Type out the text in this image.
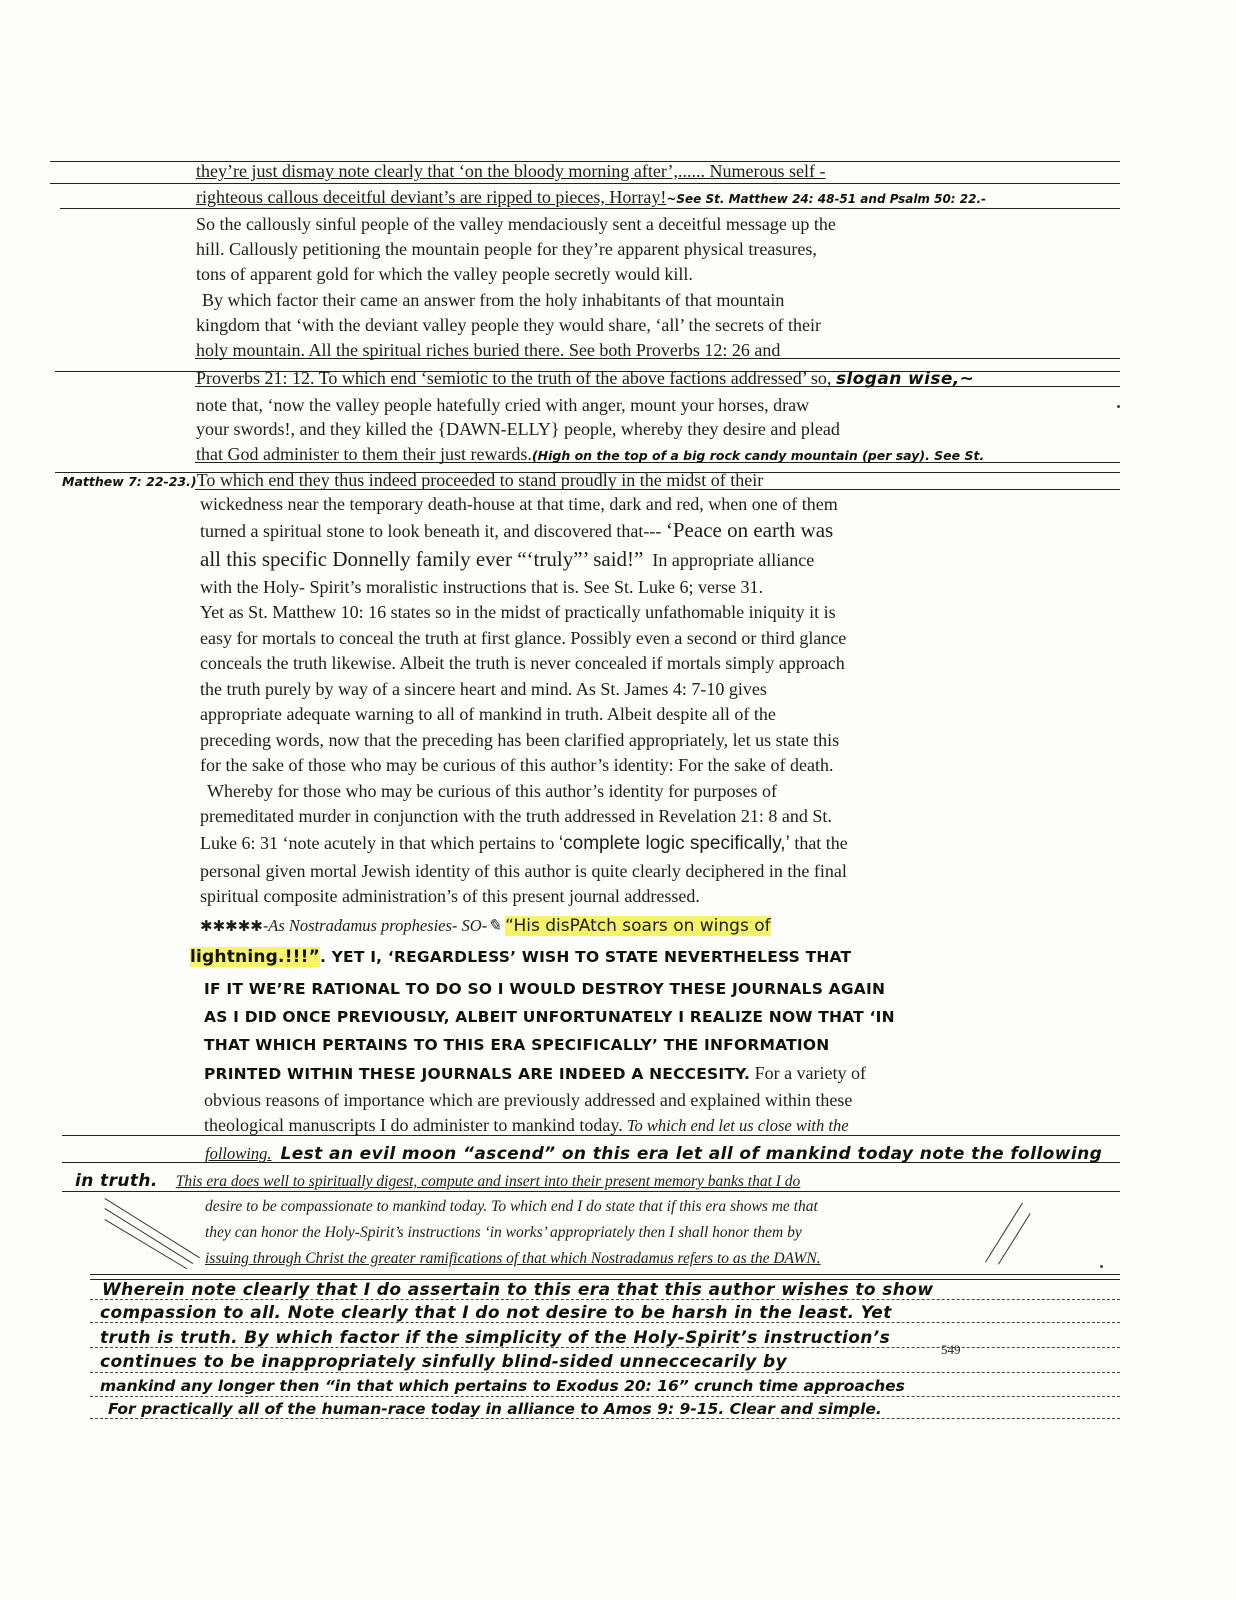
they’re just dismay note clearly that ‘on the bloody morning after’,...... Numerous self -
righteous callous deceitful deviant’s are ripped to pieces, Horray!~See St. Matthew 24: 48-51 and Psalm 50: 22.-
So the callously sinful people of the valley mendaciously sent a deceitful message up the
hill. Callously petitioning the mountain people for they’re apparent physical treasures,
tons of apparent gold for which the valley people secretly would kill.
By which factor their came an answer from the holy inhabitants of that mountain
kingdom that ‘with the deviant valley people they would share, ‘all’ the secrets of their
holy mountain. All the spiritual riches buried there. See both Proverbs 12: 26 and
Proverbs 21: 12. To which end ‘semiotic to the truth of the above factions addressed’ so, slogan wise,~
note that, ‘now the valley people hatefully cried with anger, mount your horses, draw
your swords!, and they killed the {DAWN-ELLY} people, whereby they desire and plead
that God administer to them their just rewards.(High on the top of a big rock candy mountain (per say). See St.
Matthew 7: 22-23.)To which end they thus indeed proceeded to stand proudly in the midst of their
wickedness near the temporary death-house at that time, dark and red, when one of them
turned a spiritual stone to look beneath it, and discovered that--- ‘Peace on earth was
all this specific Donnelly family ever “‘truly”’ said!” In appropriate alliance
with the Holy- Spirit’s moralistic instructions that is. See St. Luke 6; verse 31.
Yet as St. Matthew 10: 16 states so in the midst of practically unfathomable iniquity it is
easy for mortals to conceal the truth at first glance. Possibly even a second or third glance
conceals the truth likewise. Albeit the truth is never concealed if mortals simply approach
the truth purely by way of a sincere heart and mind. As St. James 4: 7-10 gives
appropriate adequate warning to all of mankind in truth. Albeit despite all of the
preceding words, now that the preceding has been clarified appropriately, let us state this
for the sake of those who may be curious of this author’s identity: For the sake of death.
Whereby for those who may be curious of this author’s identity for purposes of
premeditated murder in conjunction with the truth addressed in Revelation 21: 8 and St.
Luke 6: 31 ‘note acutely in that which pertains to ‘complete logic specifically,’ that the
personal given mortal Jewish identity of this author is quite clearly deciphered in the final
spiritual composite administration’s of this present journal addressed.
✱✱✱✱✱-As Nostradamus prophesies- SO-✎ “His disPAtch soars on wings of
lightning.!!!”. YET I, ‘REGARDLESS’ WISH TO STATE NEVERTHELESS THAT
IF IT WE’RE RATIONAL TO DO SO I WOULD DESTROY THESE JOURNALS AGAIN
AS I DID ONCE PREVIOUSLY, ALBEIT UNFORTUNATELY I REALIZE NOW THAT ‘IN
THAT WHICH PERTAINS TO THIS ERA SPECIFICALLY’ THE INFORMATION
PRINTED WITHIN THESE JOURNALS ARE INDEED A NECCESITY. For a variety of
obvious reasons of importance which are previously addressed and explained within these
theological manuscripts I do administer to mankind today. To which end let us close with the
following. Lest an evil moon “ascend” on this era let all of mankind today note the following
in truth. This era does well to spiritually digest, compute and insert into their present memory banks that I do
desire to be compassionate to mankind today. To which end I do state that if this era shows me that
they can honor the Holy-Spirit’s instructions ‘in works’ appropriately then I shall honor them by
issuing through Christ the greater ramifications of that which Nostradamus refers to as the DAWN.
Wherein note clearly that I do assertain to this era that this author wishes to show
compassion to all. Note clearly that I do not desire to be harsh in the least. Yet
truth is truth. By which factor if the simplicity of the Holy-Spirit’s instruction’s
continues to be inappropriately sinfully blind-sided unneccecarily by
549
mankind any longer then “in that which pertains to Exodus 20: 16” crunch time approaches
For practically all of the human-race today in alliance to Amos 9: 9-15. Clear and simple.
